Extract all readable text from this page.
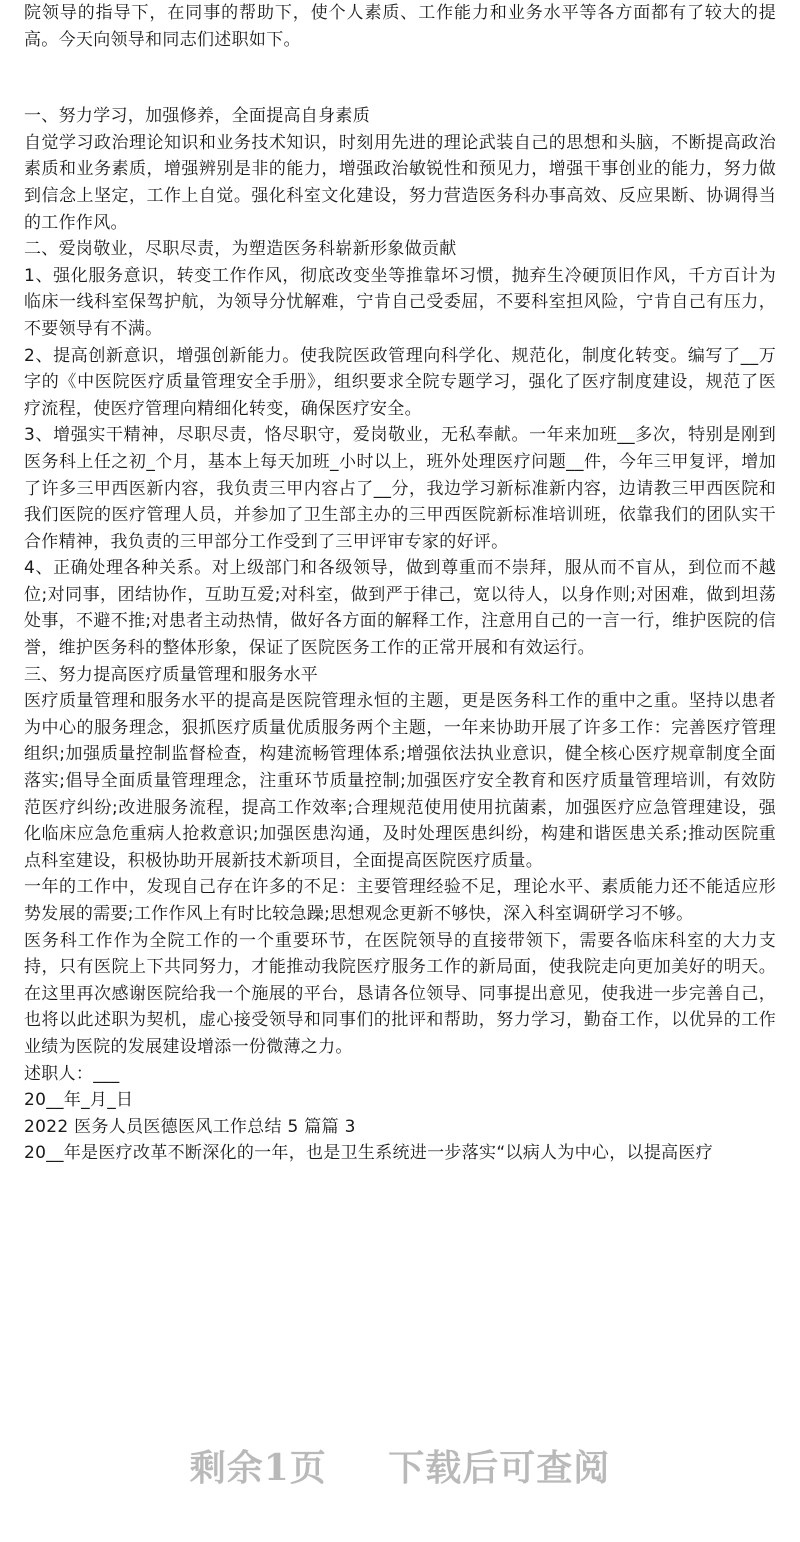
院领导的指导下，在同事的帮助下，使个人素质、工作能力和业务水平等各方面都有了较大的提高。今天向领导和同志们述职如下。

一、努力学习，加强修养，全面提高自身素质

自觉学习政治理论知识和业务技术知识，时刻用先进的理论武装自己的思想和头脑，不断提高政治素质和业务素质，增强辨别是非的能力，增强政治敏锐性和预见力，增强干事创业的能力，努力做到信念上坚定，工作上自觉。强化科室文化建设，努力营造医务科办事高效、反应果断、协调得当的工作作风。

二、爱岗敬业，尽职尽责，为塑造医务科崭新形象做贡献

1、强化服务意识，转变工作作风，彻底改变坐等推靠坏习惯，抛弃生冷硬顶旧作风，千方百计为临床一线科室保驾护航，为领导分忧解难，宁肯自己受委屈，不要科室担风险，宁肯自己有压力，不要领导有不满。

2、提高创新意识，增强创新能力。使我院医政管理向科学化、规范化，制度化转变。编写了__万字的《中医院医疗质量管理安全手册》，组织要求全院专题学习，强化了医疗制度建设，规范了医疗流程，使医疗管理向精细化转变，确保医疗安全。

3、增强实干精神，尽职尽责，恪尽职守，爱岗敬业，无私奉献。一年来加班__多次，特别是刚到医务科上任之初_个月，基本上每天加班_小时以上，班外处理医疗问题__件，今年三甲复评，增加了许多三甲西医新内容，我负责三甲内容占了__分，我边学习新标准新内容，边请教三甲西医院和我们医院的医疗管理人员，并参加了卫生部主办的三甲西医院新标准培训班，依靠我们的团队实干合作精神，我负责的三甲部分工作受到了三甲评审专家的好评。

4、正确处理各种关系。对上级部门和各级领导，做到尊重而不崇拜，服从而不盲从，到位而不越位;对同事，团结协作，互助互爱;对科室，做到严于律己，宽以待人，以身作则;对困难，做到坦荡处事，不避不推;对患者主动热情，做好各方面的解释工作，注意用自己的一言一行，维护医院的信誉，维护医务科的整体形象，保证了医院医务工作的正常开展和有效运行。

三、努力提高医疗质量管理和服务水平

医疗质量管理和服务水平的提高是医院管理永恒的主题，更是医务科工作的重中之重。坚持以患者为中心的服务理念，狠抓医疗质量优质服务两个主题，一年来协助开展了许多工作：完善医疗管理组织;加强质量控制监督检查，构建流畅管理体系;增强依法执业意识，健全核心医疗规章制度全面落实;倡导全面质量管理理念，注重环节质量控制;加强医疗安全教育和医疗质量管理培训，有效防范医疗纠纷;改进服务流程，提高工作效率;合理规范使用使用抗菌素，加强医疗应急管理建设，强化临床应急危重病人抢救意识;加强医患沟通，及时处理医患纠纷，构建和谐医患关系;推动医院重点科室建设，积极协助开展新技术新项目，全面提高医院医疗质量。

一年的工作中，发现自己存在许多的不足：主要管理经验不足，理论水平、素质能力还不能适应形势发展的需要;工作作风上有时比较急躁;思想观念更新不够快，深入科室调研学习不够。

医务科工作作为全院工作的一个重要环节，在医院领导的直接带领下，需要各临床科室的大力支持，只有医院上下共同努力，才能推动我院医疗服务工作的新局面，使我院走向更加美好的明天。在这里再次感谢医院给我一个施展的平台，恳请各位领导、同事提出意见，使我进一步完善自己，也将以此述职为契机，虚心接受领导和同事们的批评和帮助，努力学习，勤奋工作，以优异的工作业绩为医院的发展建设增添一份微薄之力。

述职人：___

20__年_月_日

2022 医务人员医德医风工作总结 5 篇篇 3

20__年是医疗改革不断深化的一年，也是卫生系统进一步落实“以病人为中心，以提高医疗

剩余1页 下载后可查阅
